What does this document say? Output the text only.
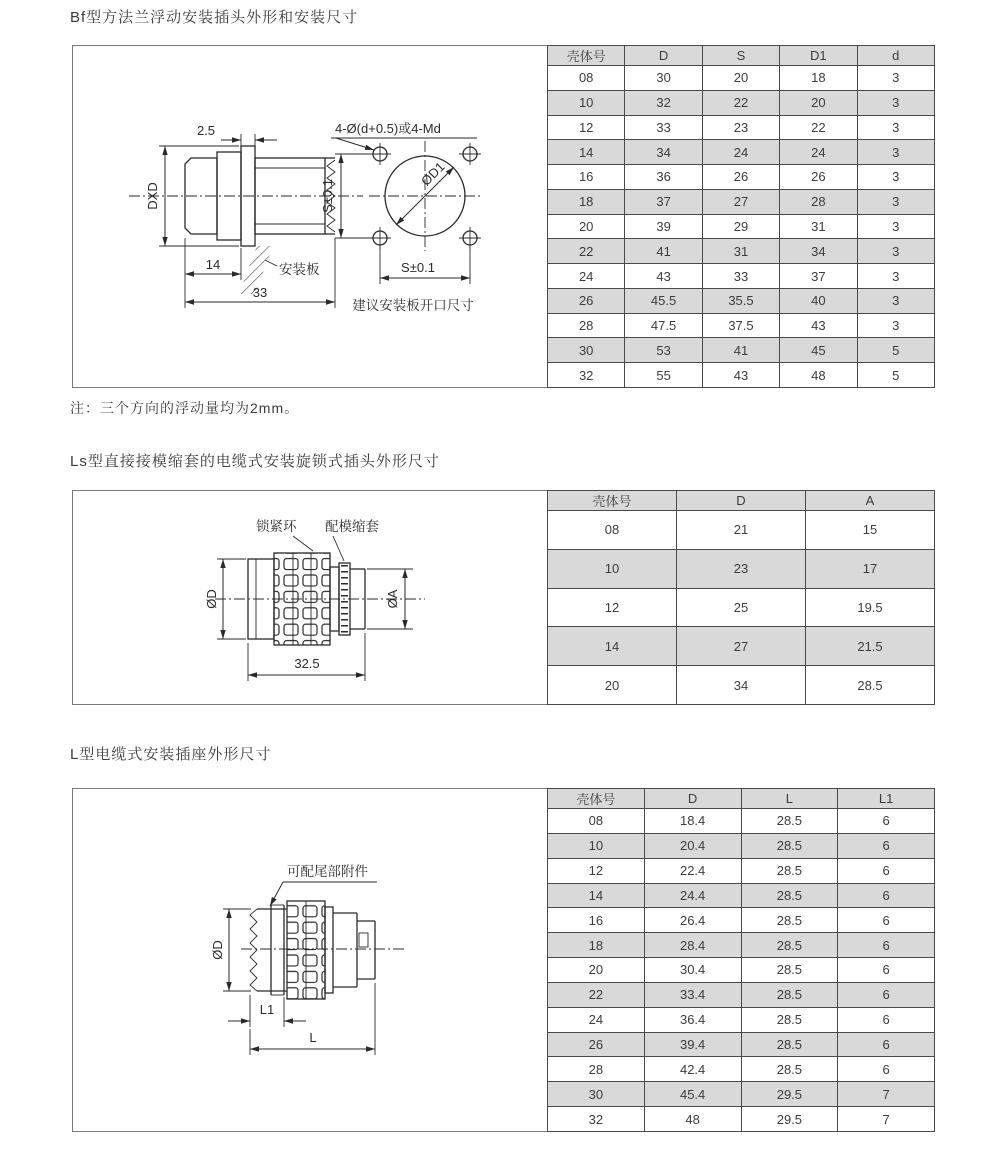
Bf型方法兰浮动安装插头外形和安装尺寸
安装板
2.5
DXD
14
33
ØD1
S±0.1
S±0.1
4-Ø(d+0.5)或4-Md
建议安装板开口尺寸
壳体号	D	S	D1	d
08	30	20	18	3
10	32	22	20	3
12	33	23	22	3
14	34	24	24	3
16	36	26	26	3
18	37	27	28	3
20	39	29	31	3
22	41	31	34	3
24	43	33	37	3
26	45.5	35.5	40	3
28	47.5	37.5	43	3
30	53	41	45	5
32	55	43	48	5
注：三个方向的浮动量均为2mm。
Ls型直接接模缩套的电缆式安装旋锁式插头外形尺寸
ØD	ØA
32.5
锁紧环 配模缩套
壳体号	D	A
08	21	15
10	23	17
12	25	19.5
14	27	21.5
20	34	28.5
L型电缆式安装插座外形尺寸
ØD
L1
L
可配尾部附件
壳体号	D	L	L1
08	18.4	28.5	6
10	20.4	28.5	6
12	22.4	28.5	6
14	24.4	28.5	6
16	26.4	28.5	6
18	28.4	28.5	6
20	30.4	28.5	6
22	33.4	28.5	6
24	36.4	28.5	6
26	39.4	28.5	6
28	42.4	28.5	6
30	45.4	29.5	7
32	48	29.5	7
